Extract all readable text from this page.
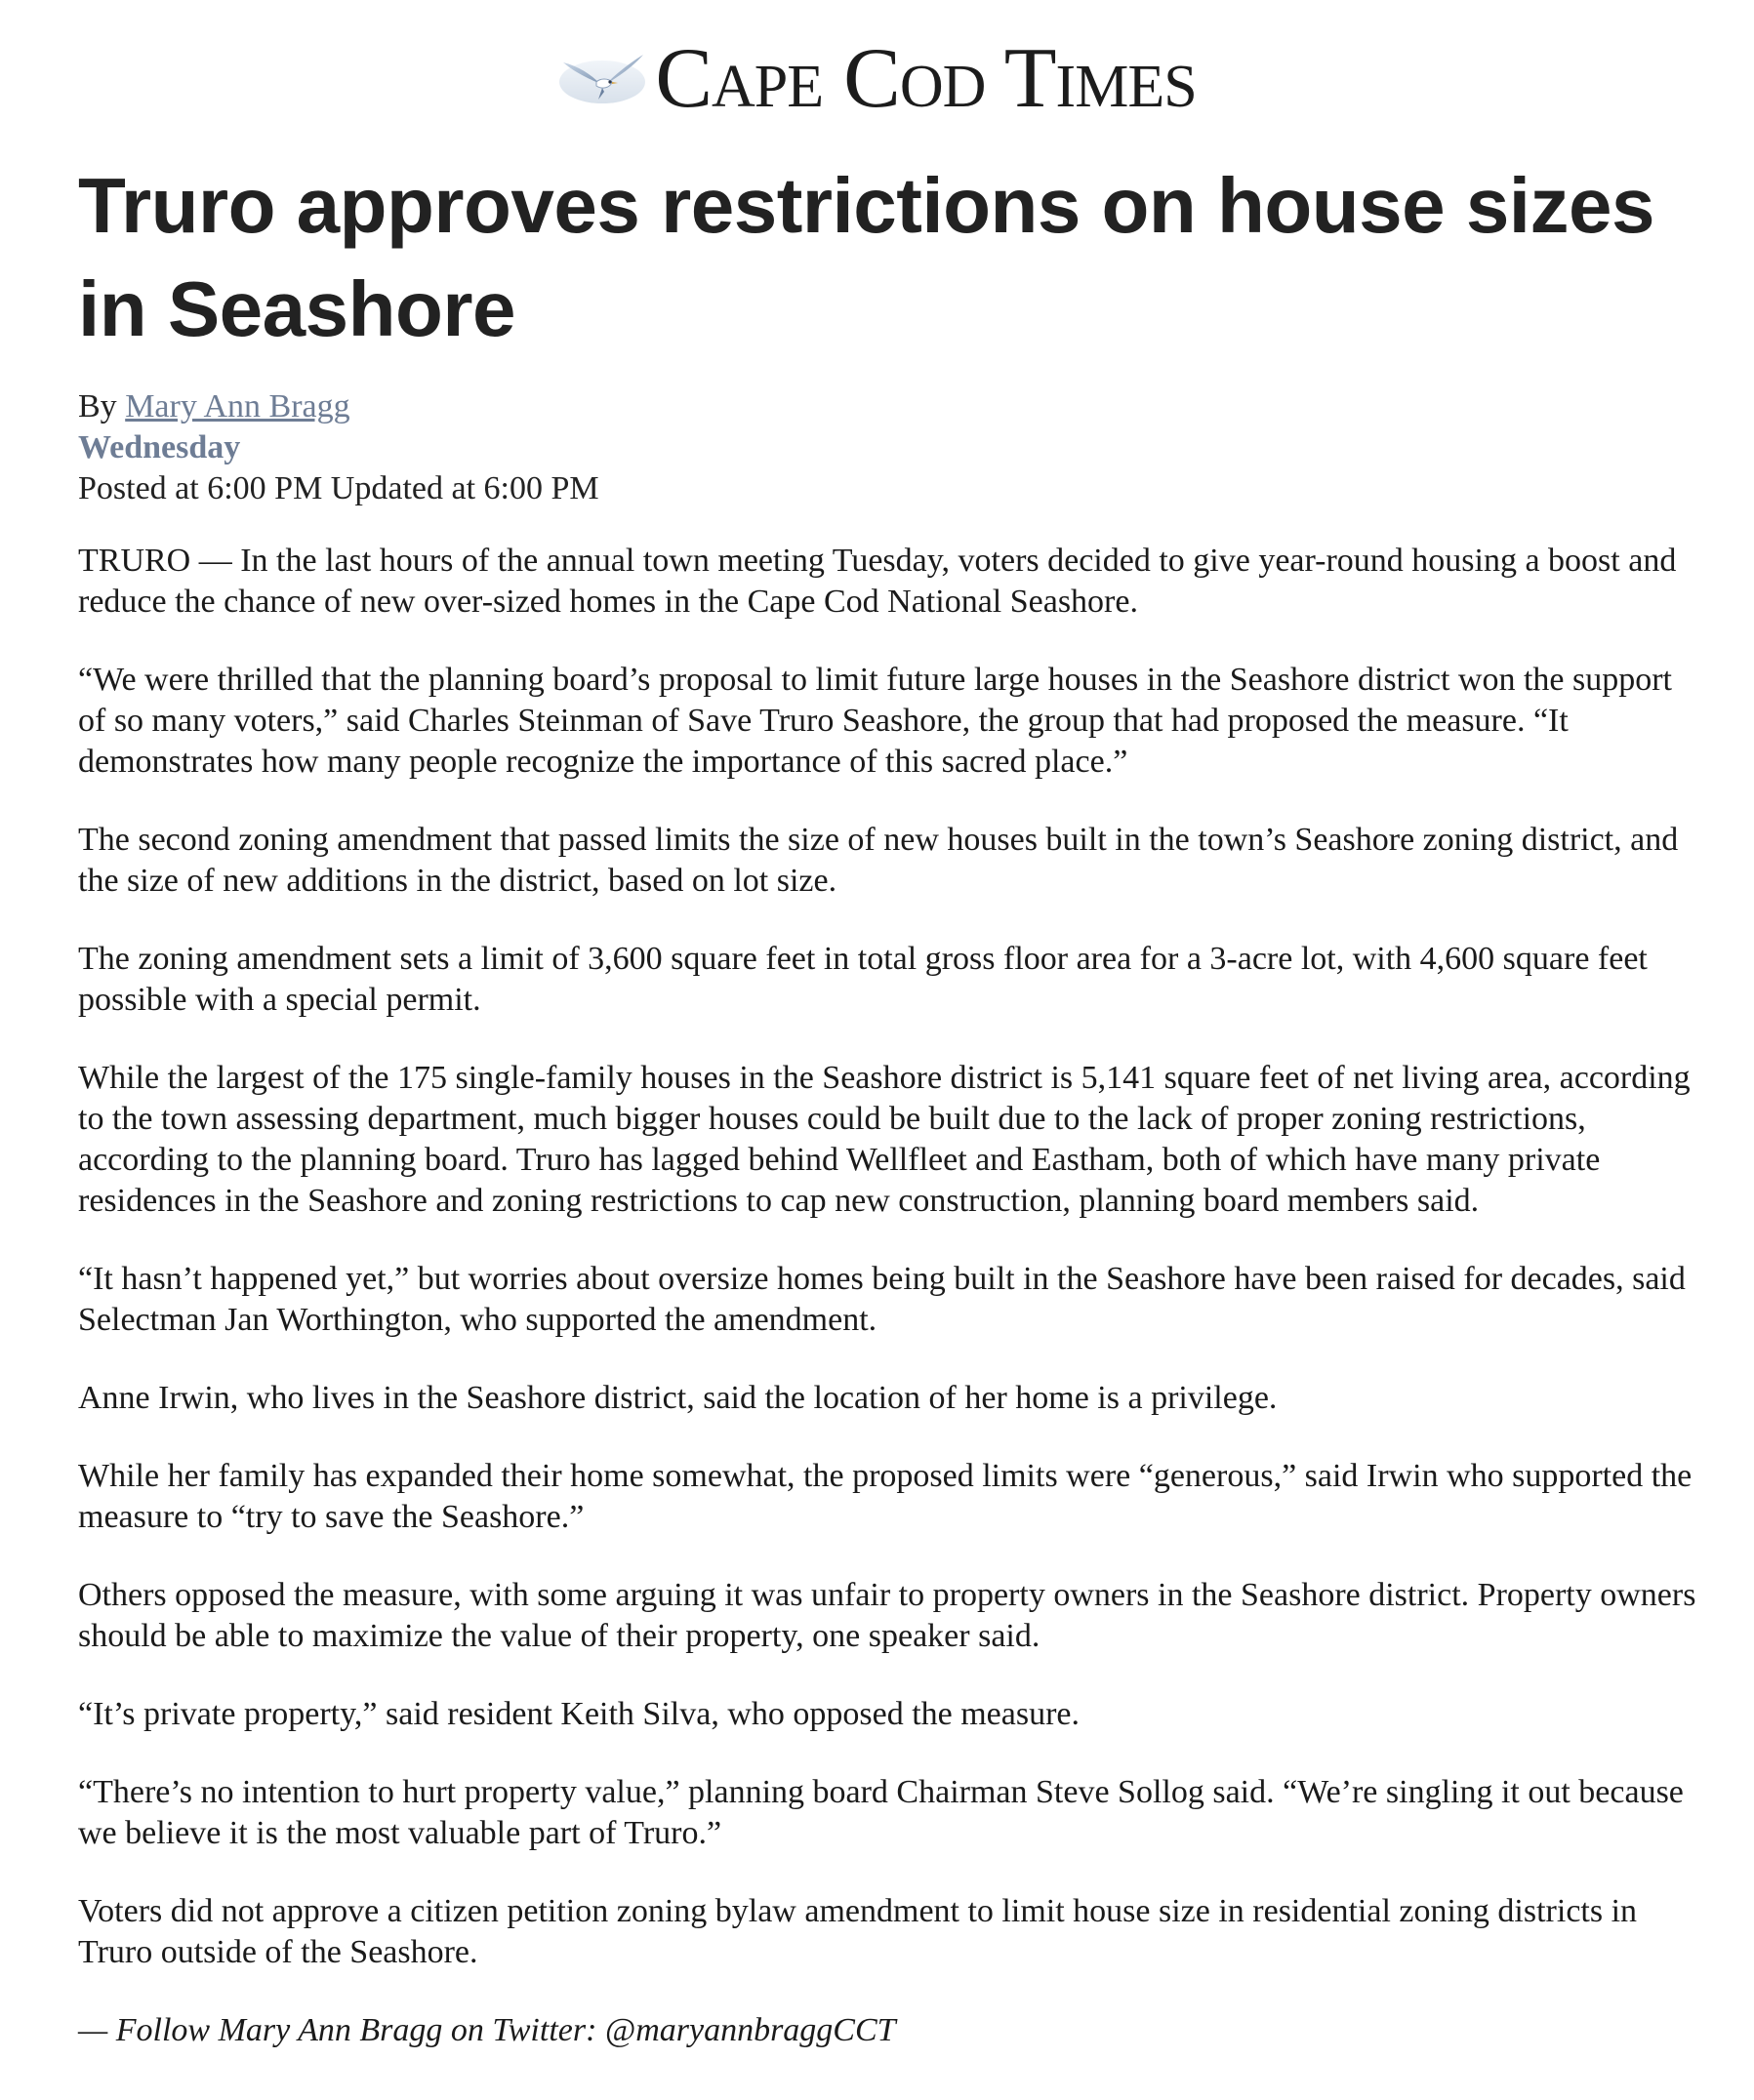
Cape Cod Times
Truro approves restrictions on house sizes in Seashore
By Mary Ann Bragg
Wednesday
Posted at 6:00 PM Updated at 6:00 PM

TRURO — In the last hours of the annual town meeting Tuesday, voters decided to give year-round housing a boost and reduce the chance of new over-sized homes in the Cape Cod National Seashore.

“We were thrilled that the planning board’s proposal to limit future large houses in the Seashore district won the support of so many voters,” said Charles Steinman of Save Truro Seashore, the group that had proposed the measure. “It demonstrates how many people recognize the importance of this sacred place.”

The second zoning amendment that passed limits the size of new houses built in the town’s Seashore zoning district, and the size of new additions in the district, based on lot size.

The zoning amendment sets a limit of 3,600 square feet in total gross floor area for a 3-acre lot, with 4,600 square feet possible with a special permit.

While the largest of the 175 single-family houses in the Seashore district is 5,141 square feet of net living area, according to the town assessing department, much bigger houses could be built due to the lack of proper zoning restrictions, according to the planning board. Truro has lagged behind Wellfleet and Eastham, both of which have many private residences in the Seashore and zoning restrictions to cap new construction, planning board members said.

“It hasn’t happened yet,” but worries about oversize homes being built in the Seashore have been raised for decades, said Selectman Jan Worthington, who supported the amendment.

Anne Irwin, who lives in the Seashore district, said the location of her home is a privilege.

While her family has expanded their home somewhat, the proposed limits were “generous,” said Irwin who supported the measure to “try to save the Seashore.”

Others opposed the measure, with some arguing it was unfair to property owners in the Seashore district. Property owners should be able to maximize the value of their property, one speaker said.

“It’s private property,” said resident Keith Silva, who opposed the measure.

“There’s no intention to hurt property value,” planning board Chairman Steve Sollog said. “We’re singling it out because we believe it is the most valuable part of Truro.”

Voters did not approve a citizen petition zoning bylaw amendment to limit house size in residential zoning districts in Truro outside of the Seashore.

— Follow Mary Ann Bragg on Twitter: @maryannbraggCCT
